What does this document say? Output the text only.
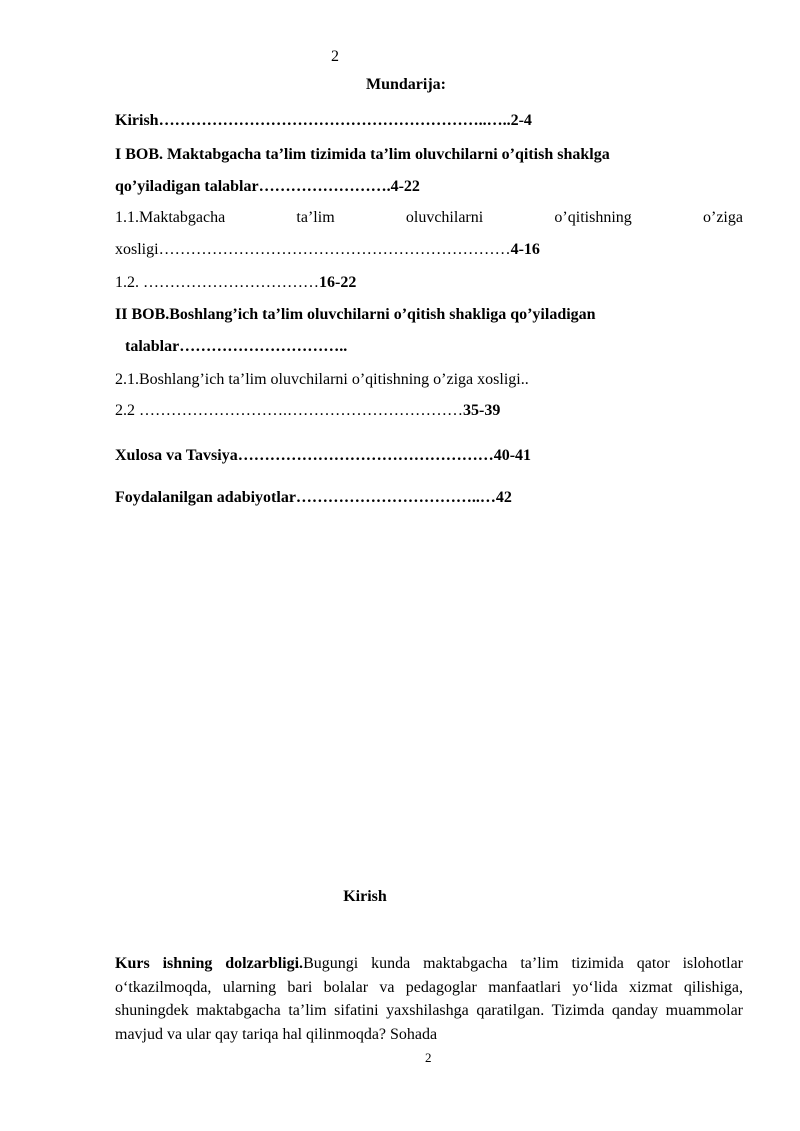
2
Mundarija:
Kirish……………………………………………………..…..2-4
I BOB. Maktabgacha ta’lim tizimida ta’lim oluvchilarni o’qitish shaklga
qo’yiladigan talablar…………………….4-22
1.1.Maktabgacha	ta’lim	oluvchilarni	o’qitishning	o’ziga
xosligi…………………………………………………………4-16
1.2. ……………………………16-22
II BOB.Boshlang’ich ta’lim oluvchilarni o’qitish shakliga qo’yiladigan
talablar…………………………..
2.1.Boshlang’ich ta’lim oluvchilarni o’qitishning o’ziga xosligi..
2.2 ……………………….……………………………35-39
Xulosa va Tavsiya…………………………………………40-41
Foydalanilgan adabiyotlar……………………………..…42
Kirish
Kurs ishning dolzarbligi.Bugungi kunda maktabgacha ta’lim tizimida qator islohotlar o‘tkazilmoqda, ularning bari bolalar va pedagoglar manfaatlari yo‘lida xizmat qilishiga, shuningdek maktabgacha ta’lim sifatini yaxshilashga qaratilgan. Tizimda qanday muammolar mavjud va ular qay tariqa hal qilinmoqda? Sohada
2
